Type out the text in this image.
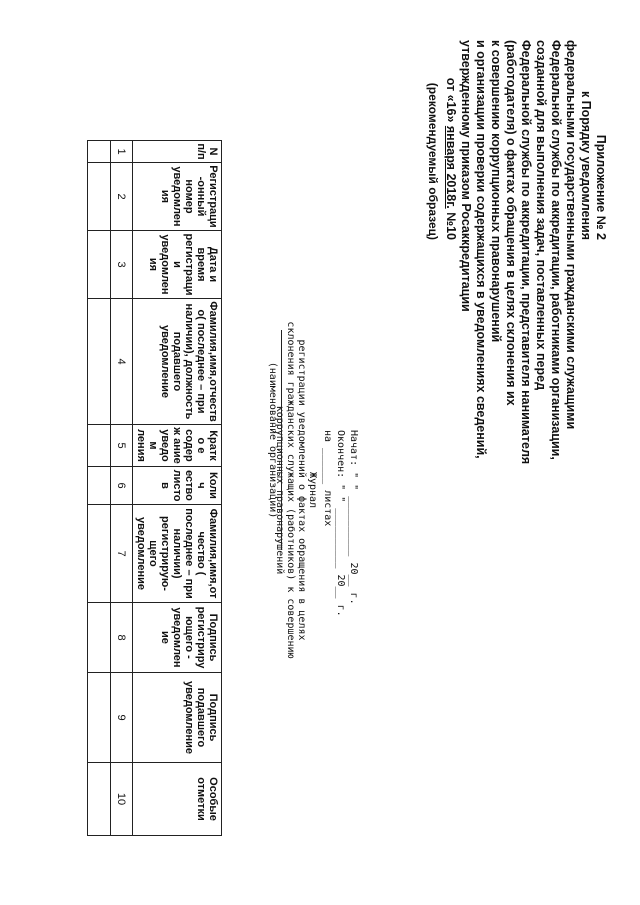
Приложение № 2
к Порядку уведомления
федеральными государственными гражданскими служащими
Федеральной службы по аккредитации, работниками организации,
созданной для выполнения задач, поставленных перед
Федеральной службы по аккредитации, представителя нанимателя
(работодателя) о фактах обращения в целях склонения их
к совершению коррупционных правонарушений
и организации проверки содержащихся в уведомлениях сведений,
утвержденному приказом Росаккредитации
от «16» января 2018г. №10
(рекомендуемый образец)
Журнал
регистрации уведомлений о фактах обращения в целях
склонения гражданских служащих (работников) к совершению
коррупционных правонарушений
(наименование организации)	Начат: " " __________ 20__ г.
Окончен: " " __________ 20__ г.
на ______ листах
N п/п	Регистраци-онный номер уведомления	Дата и время регистрации уведомления	Фамилия,имя,отчество( последнее – при наличии), должность подавшего уведомление	Кратко е содерж ание уведом ления	Колич ество листо в	Фамилия,имя,от чество ( последнее – при наличии) регистрирую-щего уведомление	Подпись регистриру ющего - уведомлен ие	Подпись подавшего уведомление	Особые отметки
1	2	3	4	5	6	7	8	9	10
